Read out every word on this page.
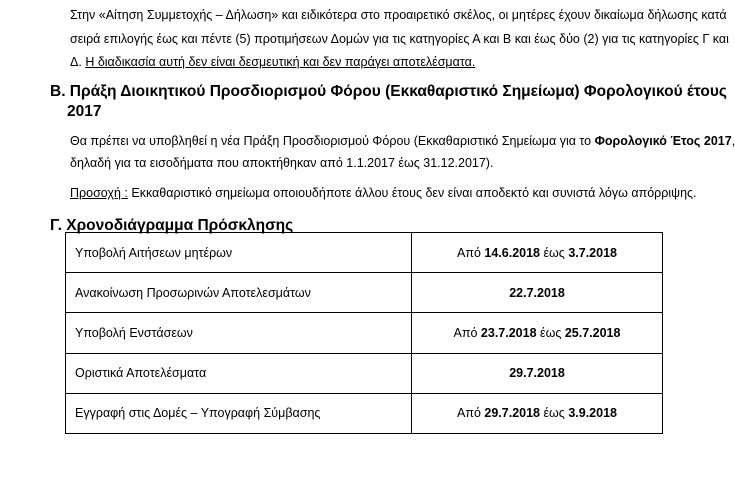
Στην «Αίτηση Συμμετοχής – Δήλωση» και ειδικότερα στο προαιρετικό σκέλος, οι μητέρες έχουν δικαίωμα δήλωσης κατά
σειρά επιλογής έως και πέντε (5) προτιμήσεων Δομών για τις κατηγορίες Α και Β και έως δύο (2) για τις κατηγορίες Γ και
Δ. Η διαδικασία αυτή δεν είναι δεσμευτική και δεν παράγει αποτελέσματα.
Β. Πράξη Διοικητικού Προσδιορισμού Φόρου (Εκκαθαριστικό Σημείωμα) Φορολογικού έτους
2017
Θα πρέπει να υποβληθεί η νέα Πράξη Προσδιορισμού Φόρου (Εκκαθαριστικό Σημείωμα για το Φορολογικό Έτος 2017,
δηλαδή για τα εισοδήματα που αποκτήθηκαν από 1.1.2017 έως 31.12.2017).
Προσοχή : Εκκαθαριστικό σημείωμα οποιουδήποτε άλλου έτους δεν είναι αποδεκτό και συνιστά λόγω απόρριψης.
Γ. Χρονοδιάγραμμα Πρόσκλησης
Υποβολή Αιτήσεων μητέρων	Από 14.6.2018 έως 3.7.2018
Ανακοίνωση Προσωρινών Αποτελεσμάτων	22.7.2018
Υποβολή Ενστάσεων	Από 23.7.2018 έως 25.7.2018
Οριστικά Αποτελέσματα	29.7.2018
Εγγραφή στις Δομές – Υπογραφή Σύμβασης	Από 29.7.2018 έως 3.9.2018
